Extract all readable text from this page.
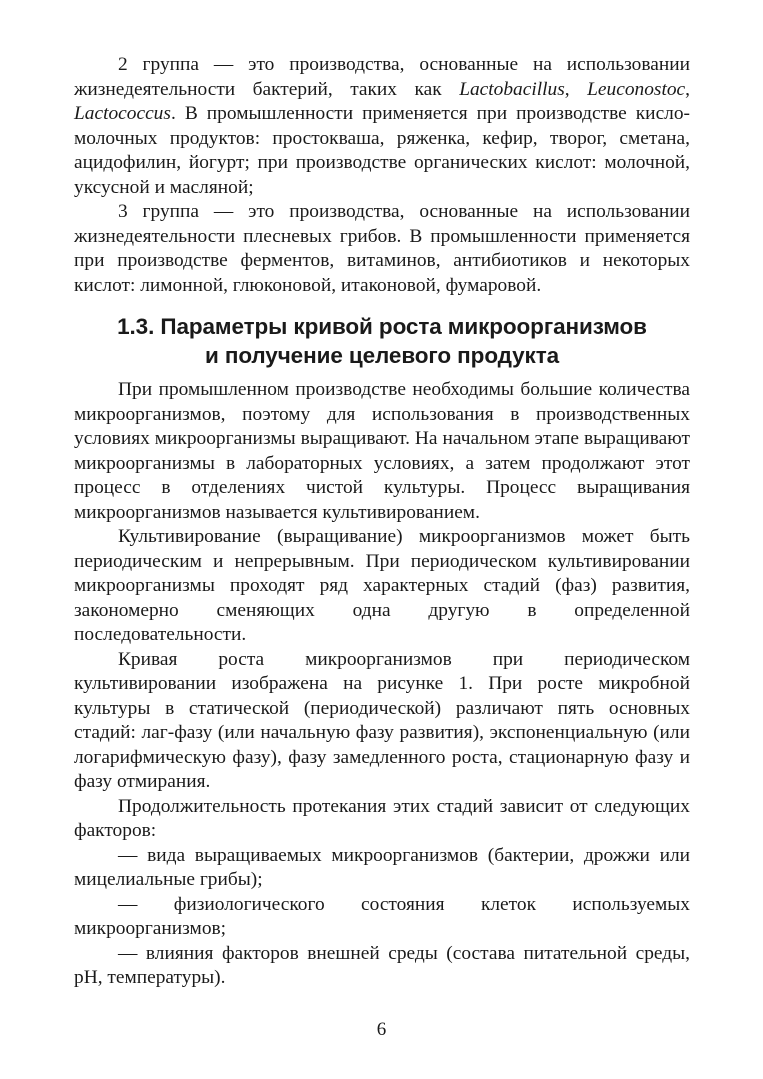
2 группа — это производства, основанные на использовании жизнедеятельности бактерий, таких как Lactobacillus, Leuconostoc, Lactococcus. В промышленности применяется при производстве кисло-молочных продуктов: простокваша, ряженка, кефир, творог, сметана, ацидофилин, йогурт; при производстве органических кислот: молочной, уксусной и масляной;

3 группа — это производства, основанные на использовании жизнедеятельности плесневых грибов. В промышленности применяется при производстве ферментов, витаминов, антибиотиков и некоторых кислот: лимонной, глюконовой, итаконовой, фумаровой.

1.3. Параметры кривой роста микроорганизмов
и получение целевого продукта

При промышленном производстве необходимы большие количества микроорганизмов, поэтому для использования в производственных условиях микроорганизмы выращивают. На начальном этапе выращивают микроорганизмы в лабораторных условиях, а затем продолжают этот процесс в отделениях чистой культуры. Процесс выращивания микроорганизмов называется культивированием.

Культивирование (выращивание) микроорганизмов может быть периодическим и непрерывным. При периодическом культивировании микроорганизмы проходят ряд характерных стадий (фаз) развития, закономерно сменяющих одна другую в определенной последовательности.

Кривая роста микроорганизмов при периодическом культивировании изображена на рисунке 1. При росте микробной культуры в статической (периодической) различают пять основных стадий: лаг-фазу (или начальную фазу развития), экспоненциальную (или логарифмическую фазу), фазу замедленного роста, стационарную фазу и фазу отмирания.

Продолжительность протекания этих стадий зависит от следующих факторов:

— вида выращиваемых микроорганизмов (бактерии, дрожжи или мицелиальные грибы);

— физиологического состояния клеток используемых микроорганизмов;

— влияния факторов внешней среды (состава питательной среды, pH, температуры).

6
